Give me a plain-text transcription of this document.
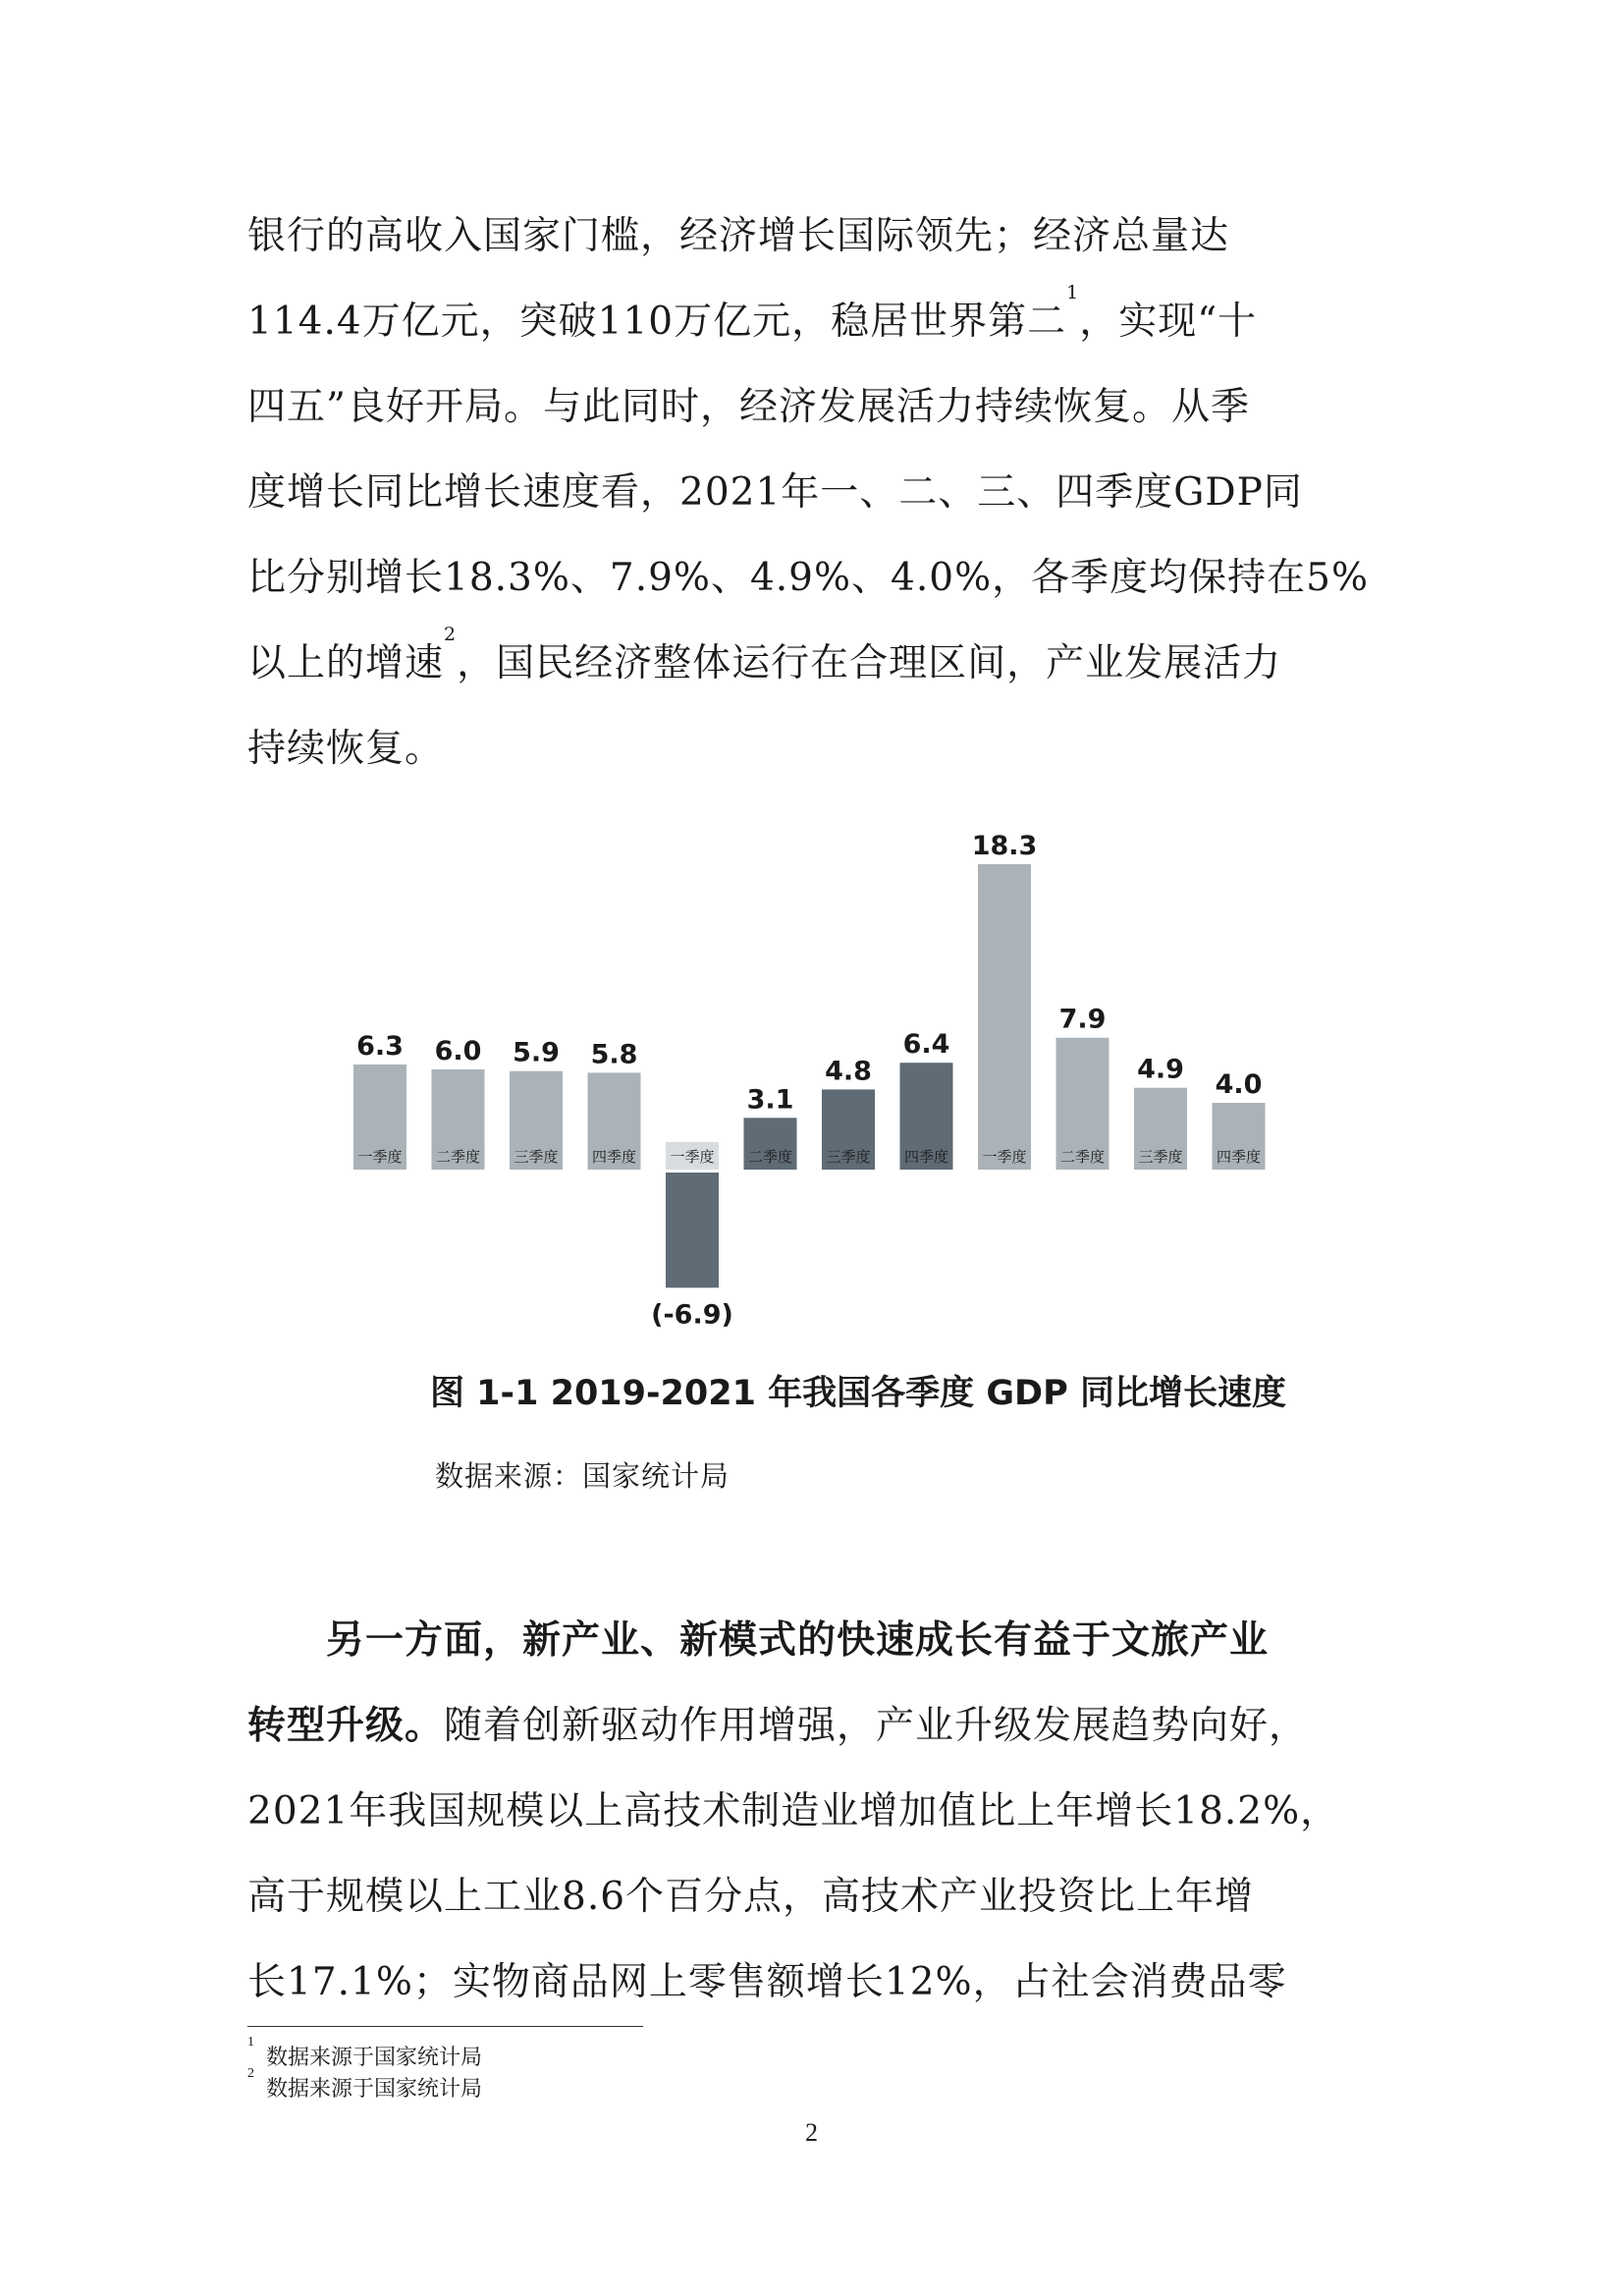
银行的高收入国家门槛，经济增长国际领先；经济总量达

114.4万亿元，突破110万亿元，稳居世界第二$^1$，实现“十

四五”良好开局。与此同时，经济发展活力持续恢复。从季

度增长同比增长速度看，2021年一、二、三、四季度GDP同

比分别增长18.3%、7.9%、4.9%、4.0%，各季度均保持在5%

以上的增速$^2$，国民经济整体运行在合理区间，产业发展活力

持续恢复。

6.3
一季度
6.0
二季度
5.9
三季度
5.8
四季度
(-6.9)
一季度
3.1
二季度
4.8
三季度
6.4
四季度
18.3
一季度
7.9
二季度
4.9
三季度
4.0
四季度
图 1-1 2019-2021 年我国各季度 GDP 同比增长速度
数据来源：国家统计局

另一方面，新产业、新模式的快速成长有益于文旅产业

转型升级。随着创新驱动作用增强，产业升级发展趋势向好，

2021年我国规模以上高技术制造业增加值比上年增长18.2%，

高于规模以上工业8.6个百分点，高技术产业投资比上年增

长17.1%；实物商品网上零售额增长12%，占社会消费品零

$^1$数据来源于国家统计局
$^2$数据来源于国家统计局
2
